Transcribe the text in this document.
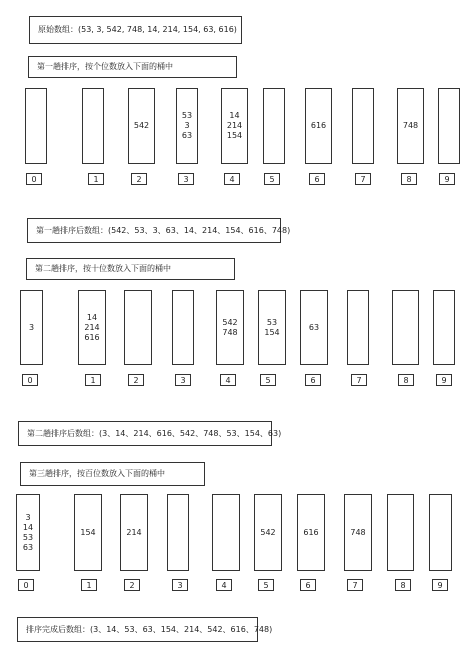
原始数组：(53, 3, 542, 748, 14, 214, 154, 63, 616)
第一趟排序，按个位数放入下面的桶中
第一趟排序后数组：(542、53、3、63、14、214、154、616、748)
第二趟排序，按十位数放入下面的桶中
第二趟排序后数组：(3、14、214、616、542、748、53、154、63)
第三趟排序，按百位数放入下面的桶中
排序完成后数组：(3、14、53、63、154、214、542、616、748)
0	1
542
2
53
3
63
3
14
214
154
4	5
616
6	7
748
8	9
3
0
14
214
616
1	2	3
542
748
4
53
154
5
63
6	7	8	9
3
14
53
63
0
154
1
214
2	3	4
542
5
616
6
748
7	8	9
